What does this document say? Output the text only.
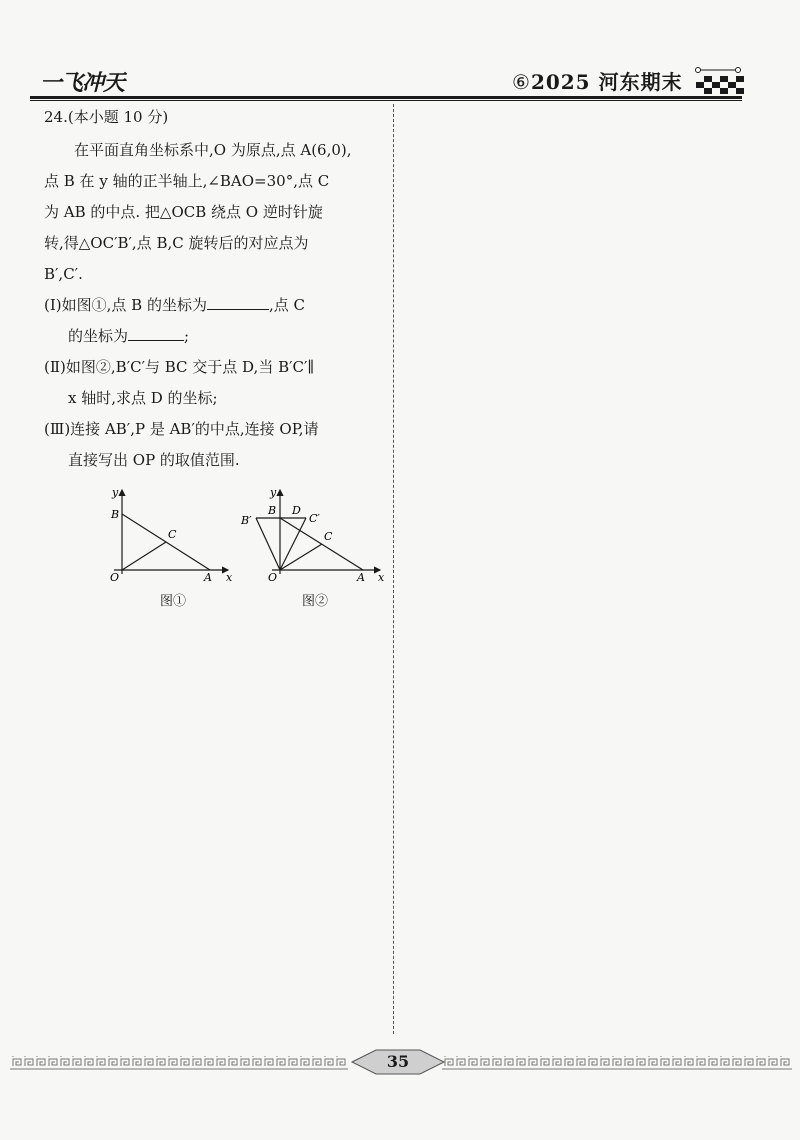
一飞冲天	⑥2025 河东期末
24.(本小题 10 分)

在平面直角坐标系中,O 为原点,点 A(6,0),

点 B 在 y 轴的正半轴上,∠BAO=30°,点 C

为 AB 的中点. 把△OCB 绕点 O 逆时针旋

转,得△OC′B′,点 B,C 旋转后的对应点为

B′,C′.

(Ⅰ)如图①,点 B 的坐标为	,点 C
的坐标为	;
(Ⅱ)如图②,B′C′与 BC 交于点 D,当 B′C′∥
x 轴时,求点 D 的坐标;
(Ⅲ)连接 AB′,P 是 AB′的中点,连接 OP,请
直接写出 OP 的取值范围.
y
B
C
O	A x
图①
y
B′
B D
C′
C
O	A x
图②
35
